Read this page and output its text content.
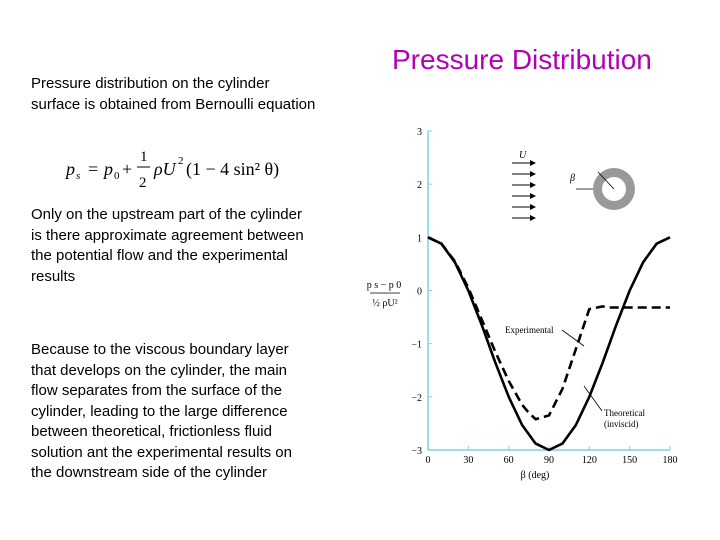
Pressure Distribution
Pressure distribution on the cylinder
surface is obtained from Bernoulli equation
p s = p 0 +
1
2
ρU 2 (1 − 4 sin² θ)
Only on the upstream part of the cylinder
is there approximate agreement between
the potential flow and the experimental
results
Because to the viscous boundary layer
that develops on the cylinder, the main
flow separates from the surface of the
cylinder, leading to the large difference
between theoretical, frictionless fluid
solution ant the experimental results on
the downstream side of the cylinder
0	30	60	90	120	150	180
3
2
1
0
−1
−2
−3
β (deg)
p s − p 0
½ ρU²
Experimental
Theoretical
(inviscid)
U
β
